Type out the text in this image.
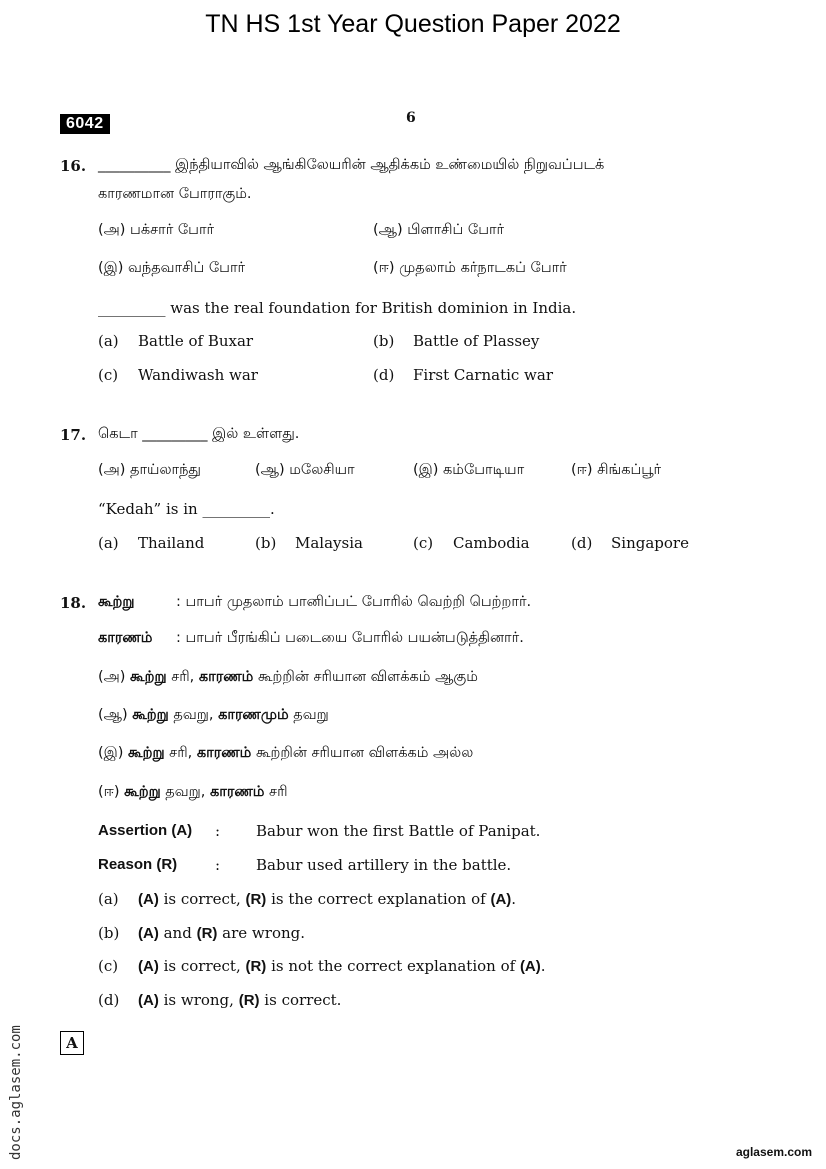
TN HS 1st Year Question Paper 2022
6042	6
16. __________ இந்தியாவில் ஆங்கிலேயரின் ஆதிக்கம் உண்மையில் நிறுவப்படக்
காரணமான போராகும்.
(அ) பக்சார் போர்	(ஆ) பிளாசிப் போர்
(இ) வந்தவாசிப் போர்	(ஈ) முதலாம் கர்நாடகப் போர்
_________ was the real foundation for British dominion in India.
(a) Battle of Buxar	(b) Battle of Plassey
(c) Wandiwash war	(d) First Carnatic war
17. கெடா _________ இல் உள்ளது.
(அ) தாய்லாந்து	(ஆ) மலேசியா	(இ) கம்போடியா	(ஈ) சிங்கப்பூர்
“Kedah” is in _________.
(a) Thailand	(b) Malaysia	(c) Cambodia	(d) Singapore
18. கூற்று	: பாபர் முதலாம் பானிப்பட் போரில் வெற்றி பெற்றார்.
காரணம் : பாபர் பீரங்கிப் படையை போரில் பயன்படுத்தினார்.
(அ) கூற்று சரி, காரணம் கூற்றின் சரியான விளக்கம் ஆகும்
(ஆ) கூற்று தவறு, காரணமும் தவறு
(இ) கூற்று சரி, காரணம் கூற்றின் சரியான விளக்கம் அல்ல
(ஈ) கூற்று தவறு, காரணம் சரி
Assertion (A) : Babur won the first Battle of Panipat.
Reason (R)	: Babur used artillery in the battle.
(a) (A) is correct, (R) is the correct explanation of (A).
(b) (A) and (R) are wrong.
(c) (A) is correct, (R) is not the correct explanation of (A).
(d) (A) is wrong, (R) is correct.
docs.aglasem.com	A
aglasem.com
